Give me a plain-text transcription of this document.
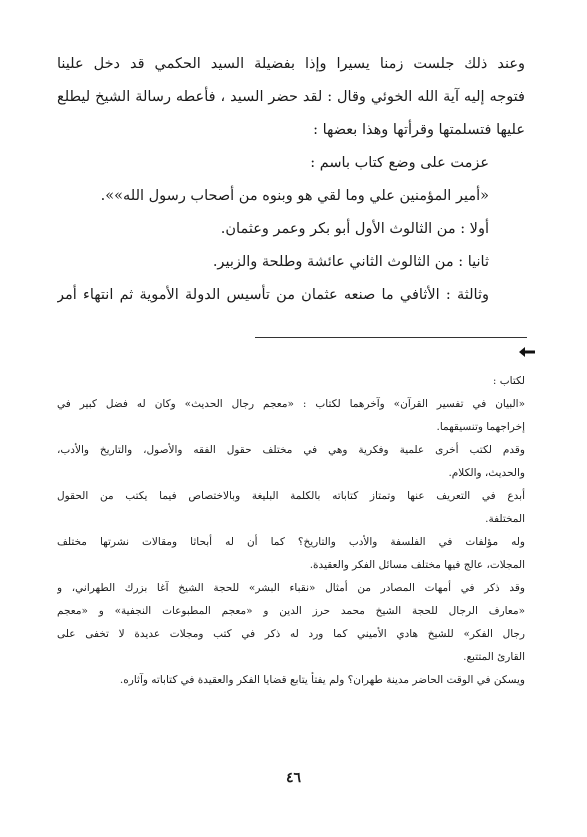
وعند ذلك جلست زمنا يسيرا وإذا بفضيلة السيد الحكمي قد دخل علينا
فتوجه إليه آية الله الخوئي وقال : لقد حضر السيد ، فأعطه رسالة الشيخ ليطلع
عليها فتسلمتها وقرأتها وهذا بعضها :
عزمت على وضع كتاب باسم :
«أمير المؤمنين علي وما لقي هو وبنوه من أصحاب رسول الله»».
أولا : من الثالوث الأول أبو بكر وعمر وعثمان.
ثانيا : من الثالوث الثاني عائشة وطلحة والزبير.
وثالثة : الأثافي ما صنعه عثمان من تأسيس الدولة الأموية ثم انتهاء أمر
لكتاب :
«البيان في تفسير القرآن» وآخرهما لكتاب : «معجم رجال الحديث» وكان له فضل كبير في
إخراجهما وتنسيقهما.
وقدم لكتب أخرى علمية وفكرية وهي في مختلف حقول الفقه والأصول، والتاريخ والأدب،
والحديث، والكلام.
أبدع في التعريف عنها وتمتاز كتاباته بالكلمة البليغة وبالاختصاص فيما يكتب من الحقول
المختلفة.
وله مؤلفات في الفلسفة والأدب والتاريخ؟ كما أن له أبحاثا ومقالات نشرتها مختلف
المجلات، عالج فيها مختلف مسائل الفكر والعقيدة.
وقد ذكر في أمهات المصادر من أمثال «نقباء البشر» للحجة الشيخ آغا بزرك الطهراني، و
«معارف الرجال للحجة الشيخ محمد حرز الدين و «معجم المطبوعات النجفية» و «معجم
رجال الفكر» للشيخ هادي الأميني كما ورد له ذكر في كتب ومجلات عديدة لا تخفى على
القارئ المتتبع.
ويسكن في الوقت الحاضر مدينة طهران؟ ولم يفتأ يتابع قضايا الفكر والعقيدة في كتاباته وآثاره.
٤٦
